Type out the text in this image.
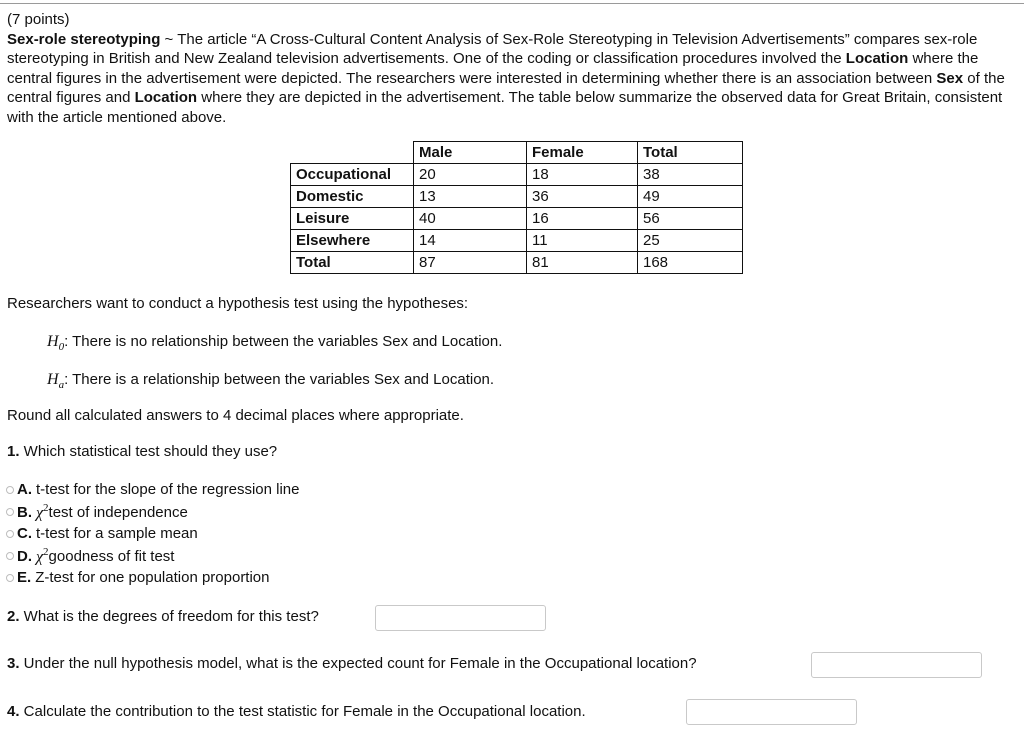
(7 points)

Sex-role stereotyping ~ The article “A Cross-Cultural Content Analysis of Sex-Role Stereotyping in Television Advertisements” compares sex-role stereotyping in British and New Zealand television advertisements. One of the coding or classification procedures involved the Location where the central figures in the advertisement were depicted. The researchers were interested in determining whether there is an association between Sex of the central figures and Location where they are depicted in the advertisement. The table below summarize the observed data for Great Britain, consistent with the article mentioned above.

	Male	Female	Total
Occupational	20	18	38
Domestic	13	36	49
Leisure	40	16	56
Elsewhere	14	11	25
Total	87	81	168
Researchers want to conduct a hypothesis test using the hypotheses:
$H_0$: There is no relationship between the variables Sex and Location.
$H_a$: There is a relationship between the variables Sex and Location.
Round all calculated answers to 4 decimal places where appropriate.
1. Which statistical test should they use?
A. t-test for the slope of the regression line
B. $\chi^2$ test of independence
C. t-test for a sample mean
D. $\chi^2$ goodness of fit test
E. Z-test for one population proportion
2. What is the degrees of freedom for this test?
3. Under the null hypothesis model, what is the expected count for Female in the Occupational location?
4. Calculate the contribution to the test statistic for Female in the Occupational location.
